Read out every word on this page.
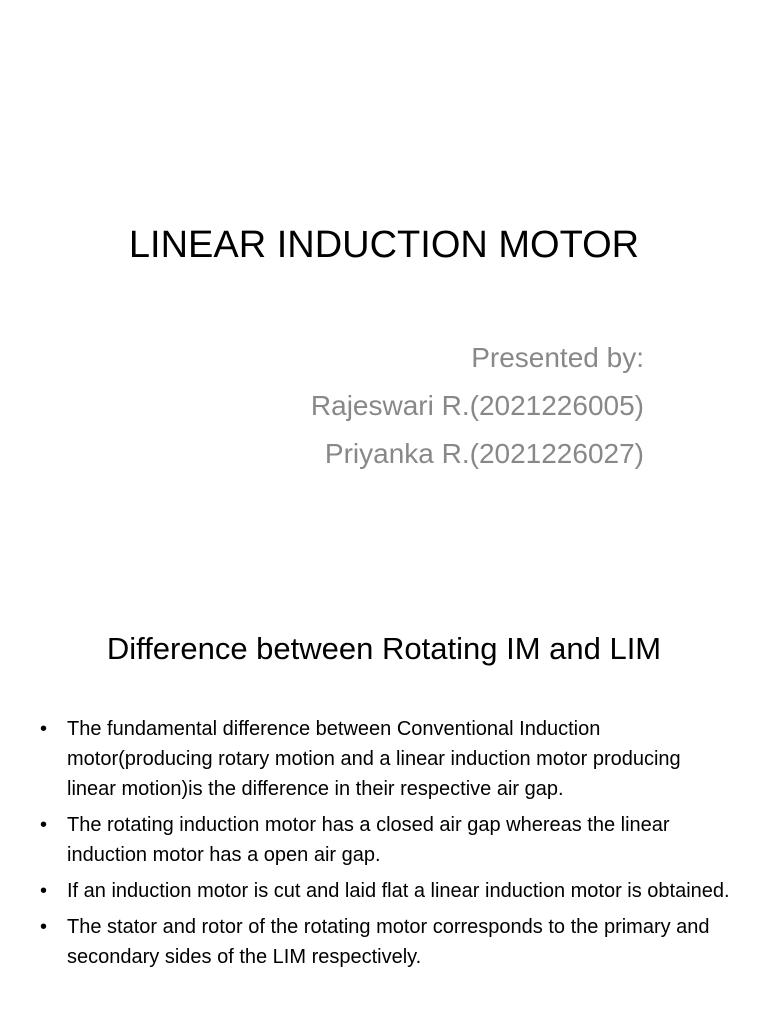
LINEAR INDUCTION MOTOR
Presented by:
Rajeswari R.(2021226005)
Priyanka R.(2021226027)
Difference between Rotating IM and LIM
• The fundamental difference between Conventional Induction motor(producing rotary motion and a linear induction motor producing linear motion)is the difference in their respective air gap.
• The rotating induction motor has a closed air gap whereas the linear induction motor has a open air gap.
• If an induction motor is cut and laid flat a linear induction motor is obtained.
• The stator and rotor of the rotating motor corresponds to the primary and secondary sides of the LIM respectively.
